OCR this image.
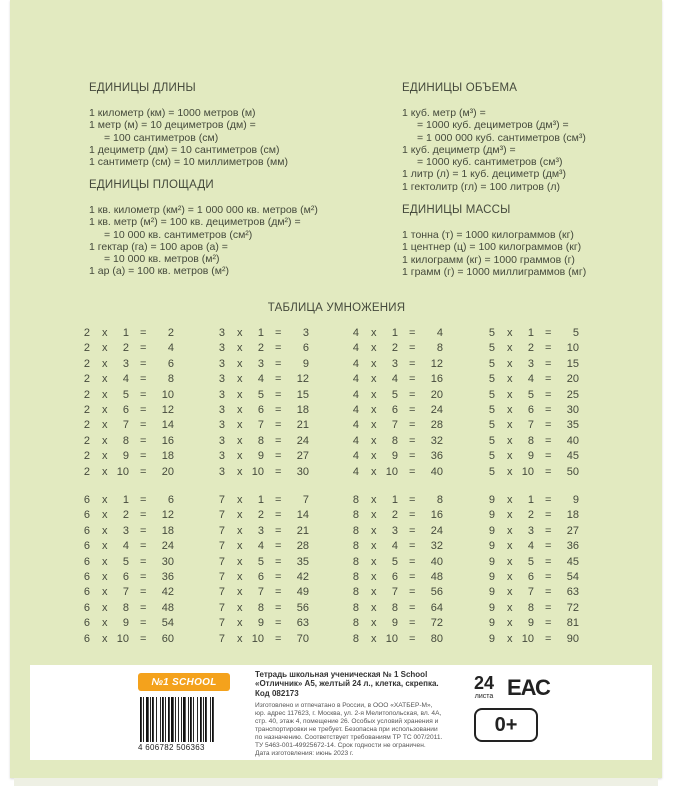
ЕДИНИЦЫ ДЛИНЫ
1 километр (км) = 1000 метров (м)
1 метр (м) = 10 дециметров (дм) =
= 100 сантиметров (см)
1 дециметр (дм) = 10 сантиметров (см)
1 сантиметр (см) = 10 миллиметров (мм)
ЕДИНИЦЫ ПЛОЩАДИ
1 кв. километр (км²) = 1 000 000 кв. метров (м²)
1 кв. метр (м²) = 100 кв. дециметров (дм²) =
= 10 000 кв. сантиметров (см²)
1 гектар (га) = 100 аров (а) =
= 10 000 кв. метров (м²)
1 ар (а) = 100 кв. метров (м²)
ЕДИНИЦЫ ОБЪЕМА
1 куб. метр (м³) =
= 1000 куб. дециметров (дм³) =
= 1 000 000 куб. сантиметров (см³)
1 куб. дециметр (дм³) =
= 1000 куб. сантиметров (см³)
1 литр (л) = 1 куб. дециметр (дм³)
1 гектолитр (гл) = 100 литров (л)
ЕДИНИЦЫ МАССЫ
1 тонна (т) = 1000 килограммов (кг)
1 центнер (ц) = 100 килограммов (кг)
1 килограмм (кг) = 1000 граммов (г)
1 грамм (г) = 1000 миллиграммов (мг)
ТАБЛИЦА УМНОЖЕНИЯ
2 x	1 =	2
2 x	2 =	4
2 x	3 =	6
2 x	4 =	8
2 x	5 =	10
2 x	6 =	12
2 x	7 =	14
2 x	8 =	16
2 x	9 =	18
2 x 10 =	20
3 x	1 =	3
3 x	2 =	6
3 x	3 =	9
3 x	4 =	12
3 x	5 =	15
3 x	6 =	18
3 x	7 =	21
3 x	8 =	24
3 x	9 =	27
3 x 10 =	30
4 x	1 =	4
4 x	2 =	8
4 x	3 =	12
4 x	4 =	16
4 x	5 =	20
4 x	6 =	24
4 x	7 =	28
4 x	8 =	32
4 x	9 =	36
4 x 10 =	40
5 x	1 =	5
5 x	2 =	10
5 x	3 =	15
5 x	4 =	20
5 x	5 =	25
5 x	6 =	30
5 x	7 =	35
5 x	8 =	40
5 x	9 =	45
5 x 10 =	50
6 x	1 =	6
6 x	2 =	12
6 x	3 =	18
6 x	4 =	24
6 x	5 =	30
6 x	6 =	36
6 x	7 =	42
6 x	8 =	48
6 x	9 =	54
6 x 10 =	60
7 x	1 =	7
7 x	2 =	14
7 x	3 =	21
7 x	4 =	28
7 x	5 =	35
7 x	6 =	42
7 x	7 =	49
7 x	8 =	56
7 x	9 =	63
7 x 10 =	70
8 x	1 =	8
8 x	2 =	16
8 x	3 =	24
8 x	4 =	32
8 x	5 =	40
8 x	6 =	48
8 x	7 =	56
8 x	8 =	64
8 x	9 =	72
8 x 10 =	80
9 x	1 =	9
9 x	2 =	18
9 x	3 =	27
9 x	4 =	36
9 x	5 =	45
9 x	6 =	54
9 x	7 =	63
9 x	8 =	72
9 x	9 =	81
9 x 10 =	90
№1 SCHOOL
4 606782 506363
Тетрадь школьная ученическая № 1 School
«Отличник» А5, желтый 24 л., клетка, скрепка.
Код 082173
Изготовлено и отпечатано в России, в ООО «ХАТБЕР-М»,
юр. адрес 117623, г. Москва, ул. 2-я Мелитопольская, вл. 4А,
стр. 40, этаж 4, помещение 26. Особых условий хранения и
транспортировки не требует. Безопасна при использовании
по назначению. Соответствует требованиям ТР ТС 007/2011.
ТУ 5463-001-49925672-14. Срок годности не ограничен.
Дата изготовления: июнь 2023 г.
24
листа ЕАС
0+
